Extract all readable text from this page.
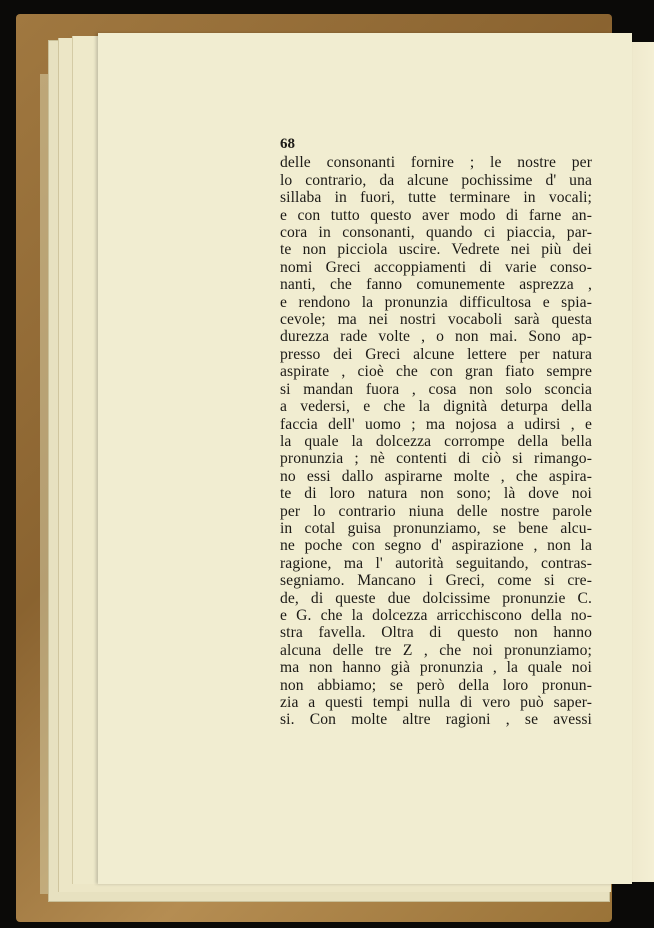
68
delle consonanti fornire ; le nostre per
lo contrario, da alcune pochissime d' una
sillaba in fuori, tutte terminare in vocali;
e con tutto questo aver modo di farne an-
cora in consonanti, quando ci piaccia, par-
te non picciola uscire. Vedrete nei più dei
nomi Greci accoppiamenti di varie conso-
nanti, che fanno comunemente asprezza ,
e rendono la pronunzia difficultosa e spia-
cevole; ma nei nostri vocaboli sarà questa
durezza rade volte , o non mai. Sono ap-
presso dei Greci alcune lettere per natura
aspirate , cioè che con gran fiato sempre
si mandan fuora , cosa non solo sconcia
a vedersi, e che la dignità deturpa della
faccia dell' uomo ; ma nojosa a udirsi , e
la quale la dolcezza corrompe della bella
pronunzia ; nè contenti di ciò si rimango-
no essi dallo aspirarne molte , che aspira-
te di loro natura non sono; là dove noi
per lo contrario niuna delle nostre parole
in cotal guisa pronunziamo, se bene alcu-
ne poche con segno d' aspirazione , non la
ragione, ma l' autorità seguitando, contras-
segniamo. Mancano i Greci, come si cre-
de, di queste due dolcissime pronunzie C.
e G. che la dolcezza arricchiscono della no-
stra favella. Oltra di questo non hanno
alcuna delle tre Z , che noi pronunziamo;
ma non hanno già pronunzia , la quale noi
non abbiamo; se però della loro pronun-
zia a questi tempi nulla di vero può saper-
si. Con molte altre ragioni , se avessi
